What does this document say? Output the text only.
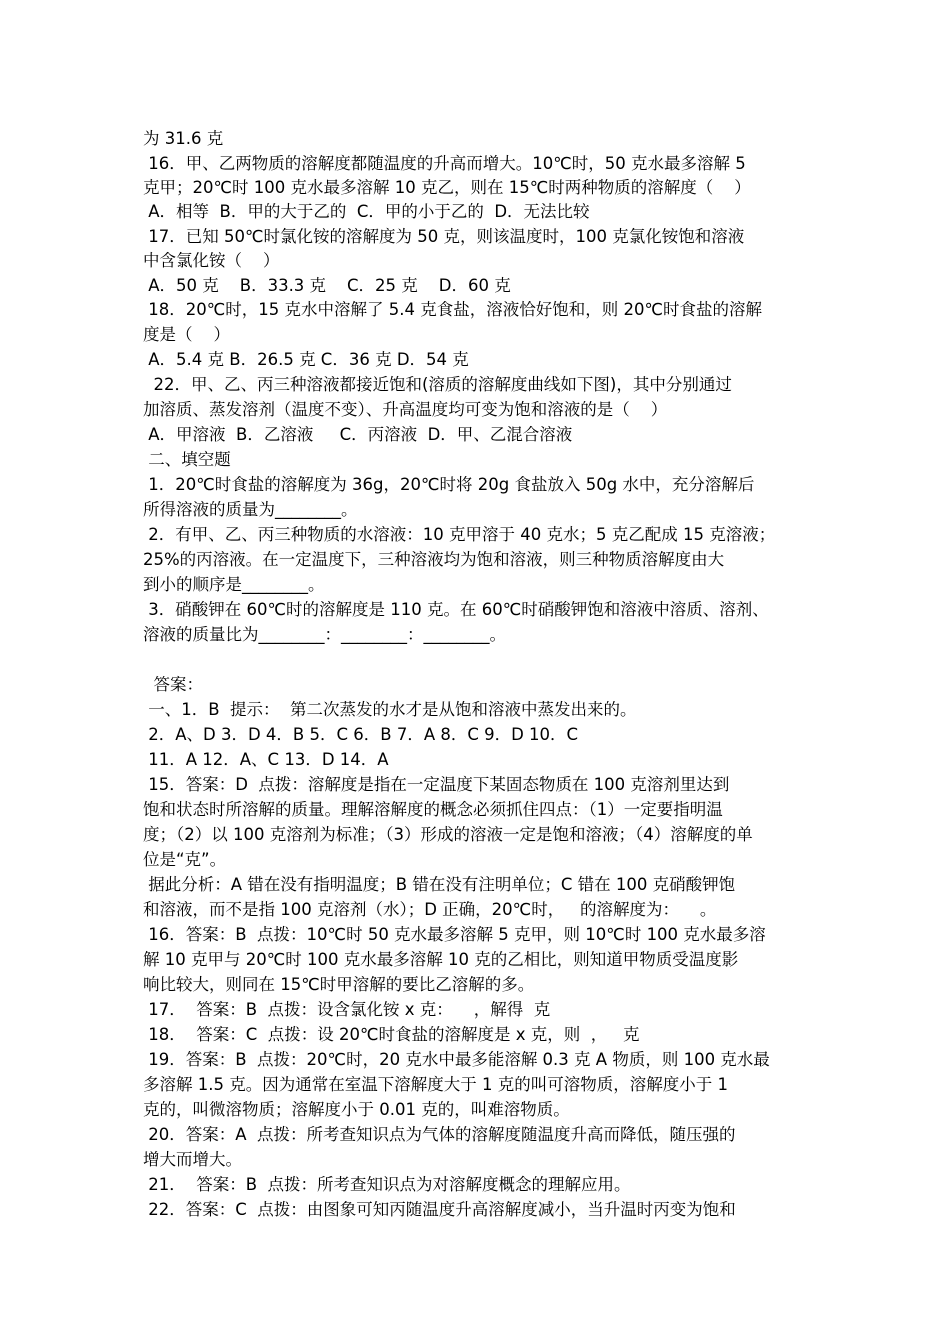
为 31.6 克
16．甲、乙两物质的溶解度都随温度的升高而增大。10℃时，50 克水最多溶解 5
克甲；20℃时 100 克水最多溶解 10 克乙，则在 15℃时两种物质的溶解度（    ）
A．相等  B．甲的大于乙的  C．甲的小于乙的  D．无法比较
17．已知 50℃时氯化铵的溶解度为 50 克，则该温度时，100 克氯化铵饱和溶液
中含氯化铵（    ）
A．50 克    B．33.3 克    C．25 克    D．60 克
18．20℃时，15 克水中溶解了 5.4 克食盐，溶液恰好饱和，则 20℃时食盐的溶解
度是（    ）
A．5.4 克 B．26.5 克 C．36 克 D．54 克
22．甲、乙、丙三种溶液都接近饱和(溶质的溶解度曲线如下图)，其中分别通过
加溶质、蒸发溶剂（温度不变）、升高温度均可变为饱和溶液的是（    ）
A．甲溶液  B．乙溶液     C．丙溶液  D．甲、乙混合溶液
二、填空题
1．20℃时食盐的溶解度为 36g，20℃时将 20g 食盐放入 50g 水中，充分溶解后
所得溶液的质量为________。
2．有甲、乙、丙三种物质的水溶液：10 克甲溶于 40 克水；5 克乙配成 15 克溶液；
25%的丙溶液。在一定温度下，三种溶液均为饱和溶液，则三种物质溶解度由大
到小的顺序是________。
3．硝酸钾在 60℃时的溶解度是 110 克。在 60℃时硝酸钾饱和溶液中溶质、溶剂、
溶液的质量比为________：________：________。
答案：
一、1．B  提示：  第二次蒸发的水才是从饱和溶液中蒸发出来的。
2．A、D 3．D 4．B 5．C 6．B 7．A 8．C 9．D 10．C
11．A 12．A、C 13．D 14．A
15．答案：D  点拨：溶解度是指在一定温度下某固态物质在 100 克溶剂里达到
饱和状态时所溶解的质量。理解溶解度的概念必须抓住四点：（1）一定要指明温
度；（2）以 100 克溶剂为标准；（3）形成的溶液一定是饱和溶液；（4）溶解度的单
位是“克”。
据此分析：A 错在没有指明温度；B 错在没有注明单位；C 错在 100 克硝酸钾饱
和溶液，而不是指 100 克溶剂（水）；D 正确，20℃时，   的溶解度为：    。
16．答案：B  点拨：10℃时 50 克水最多溶解 5 克甲，则 10℃时 100 克水最多溶
解 10 克甲与 20℃时 100 克水最多溶解 10 克的乙相比，则知道甲物质受温度影
响比较大，则同在 15℃时甲溶解的要比乙溶解的多。
17．  答案：B  点拨：设含氯化铵 x 克：    ，解得  克
18．  答案：C  点拨：设 20℃时食盐的溶解度是 x 克，则  ，   克
19．答案：B  点拨：20℃时，20 克水中最多能溶解 0.3 克 A 物质，则 100 克水最
多溶解 1.5 克。因为通常在室温下溶解度大于 1 克的叫可溶物质，溶解度小于 1
克的，叫微溶物质；溶解度小于 0.01 克的，叫难溶物质。
20．答案：A  点拨：所考查知识点为气体的溶解度随温度升高而降低，随压强的
增大而增大。
21．  答案：B  点拨：所考查知识点为对溶解度概念的理解应用。
22．答案：C  点拨：由图象可知丙随温度升高溶解度减小，当升温时丙变为饱和
